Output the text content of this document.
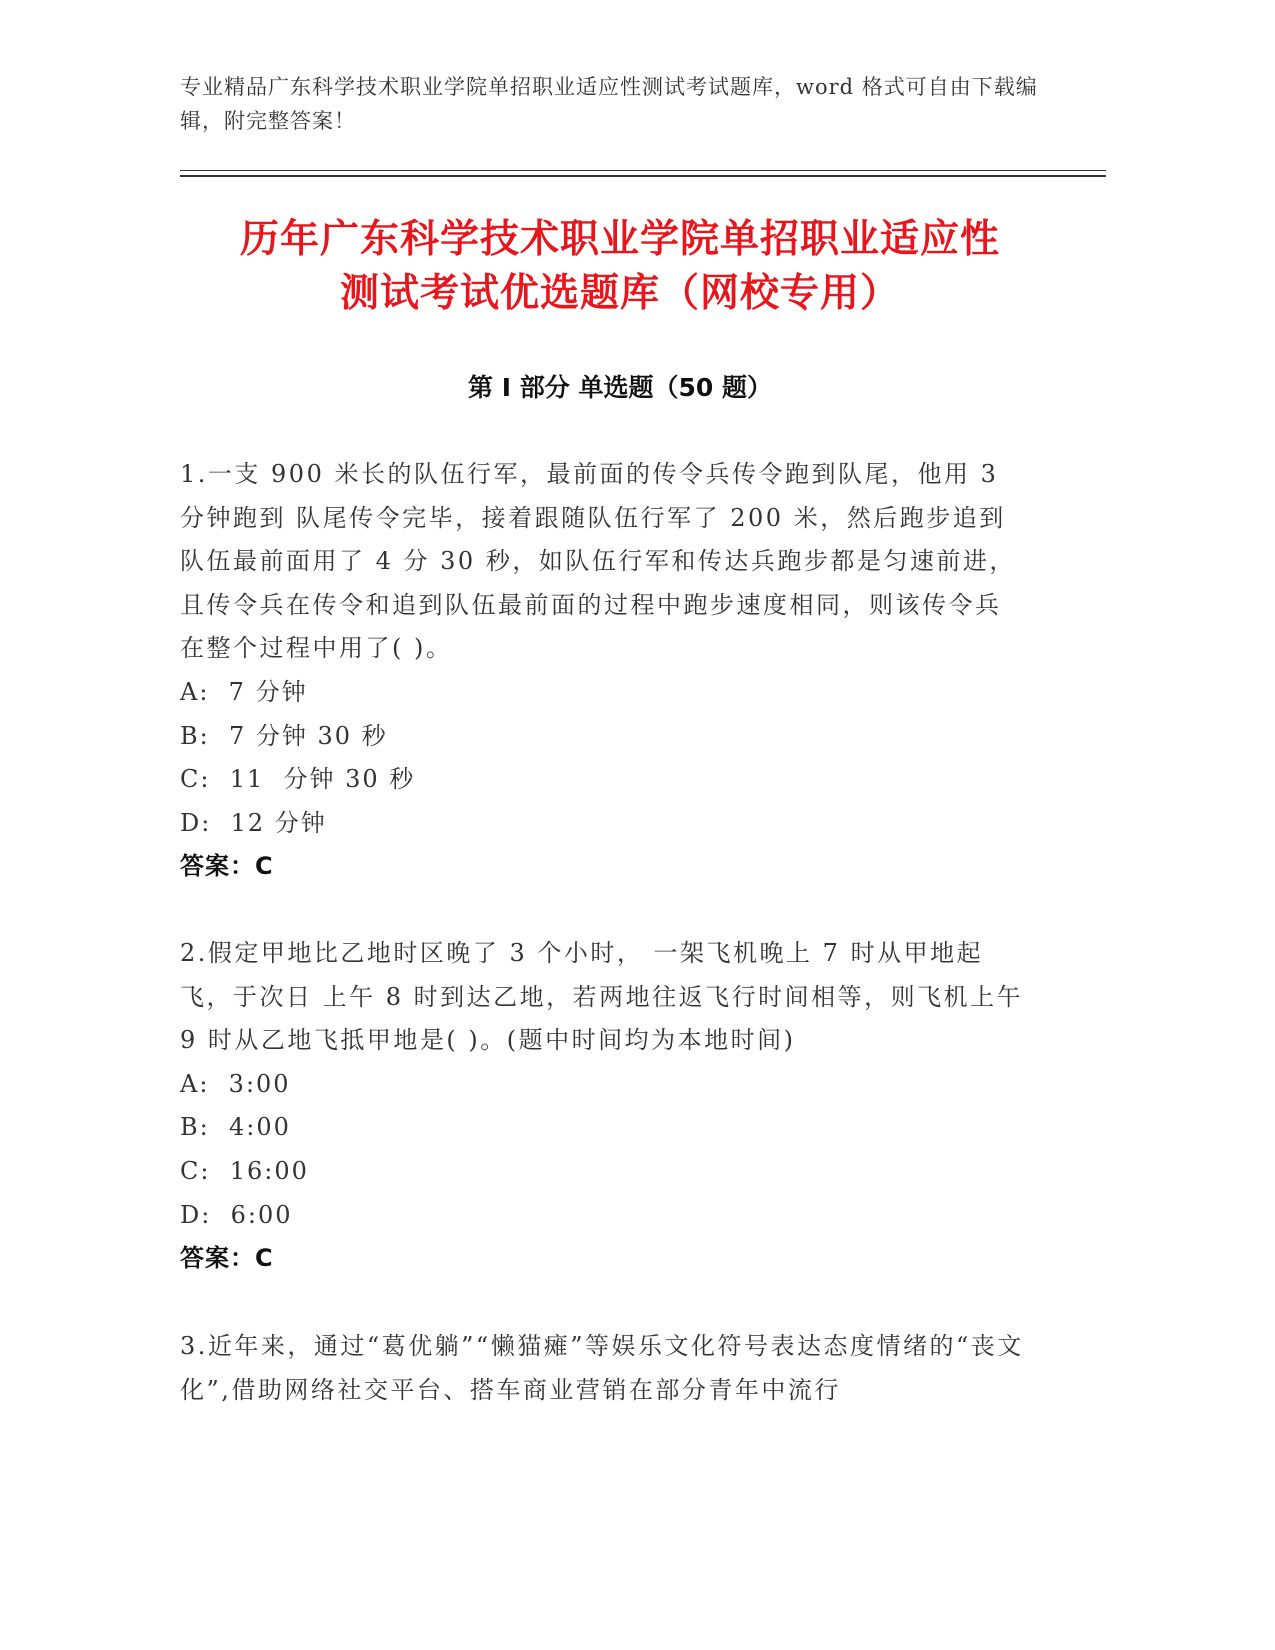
专业精品广东科学技术职业学院单招职业适应性测试考试题库，word 格式可自由下载编辑，附完整答案！
历年广东科学技术职业学院单招职业适应性
测试考试优选题库（网校专用）
第 I 部分 单选题（50 题）
1.一支 900 米长的队伍行军，最前面的传令兵传令跑到队尾，他用 3 分钟跑到 队尾传令完毕，接着跟随队伍行军了 200 米，然后跑步追到队伍最前面用了 4 分 30 秒，如队伍行军和传达兵跑步都是匀速前进，且传令兵在传令和追到队伍最前面的过程中跑步速度相同，则该传令兵在整个过程中用了( )。
A:  7 分钟
B:  7 分钟 30 秒
C:  11  分钟 30 秒
D:  12 分钟
答案：C
2.假定甲地比乙地时区晚了 3 个小时， 一架飞机晚上 7 时从甲地起飞，于次日 上午 8 时到达乙地，若两地往返飞行时间相等，则飞机上午 9 时从乙地飞抵甲地是( )。(题中时间均为本地时间)
A:  3:00
B:  4:00
C:  16:00
D:  6:00
答案：C
3.近年来，通过“葛优躺”“懒猫瘫”等娱乐文化符号表达态度情绪的“丧文 化”,借助网络社交平台、搭车商业营销在部分青年中流行
